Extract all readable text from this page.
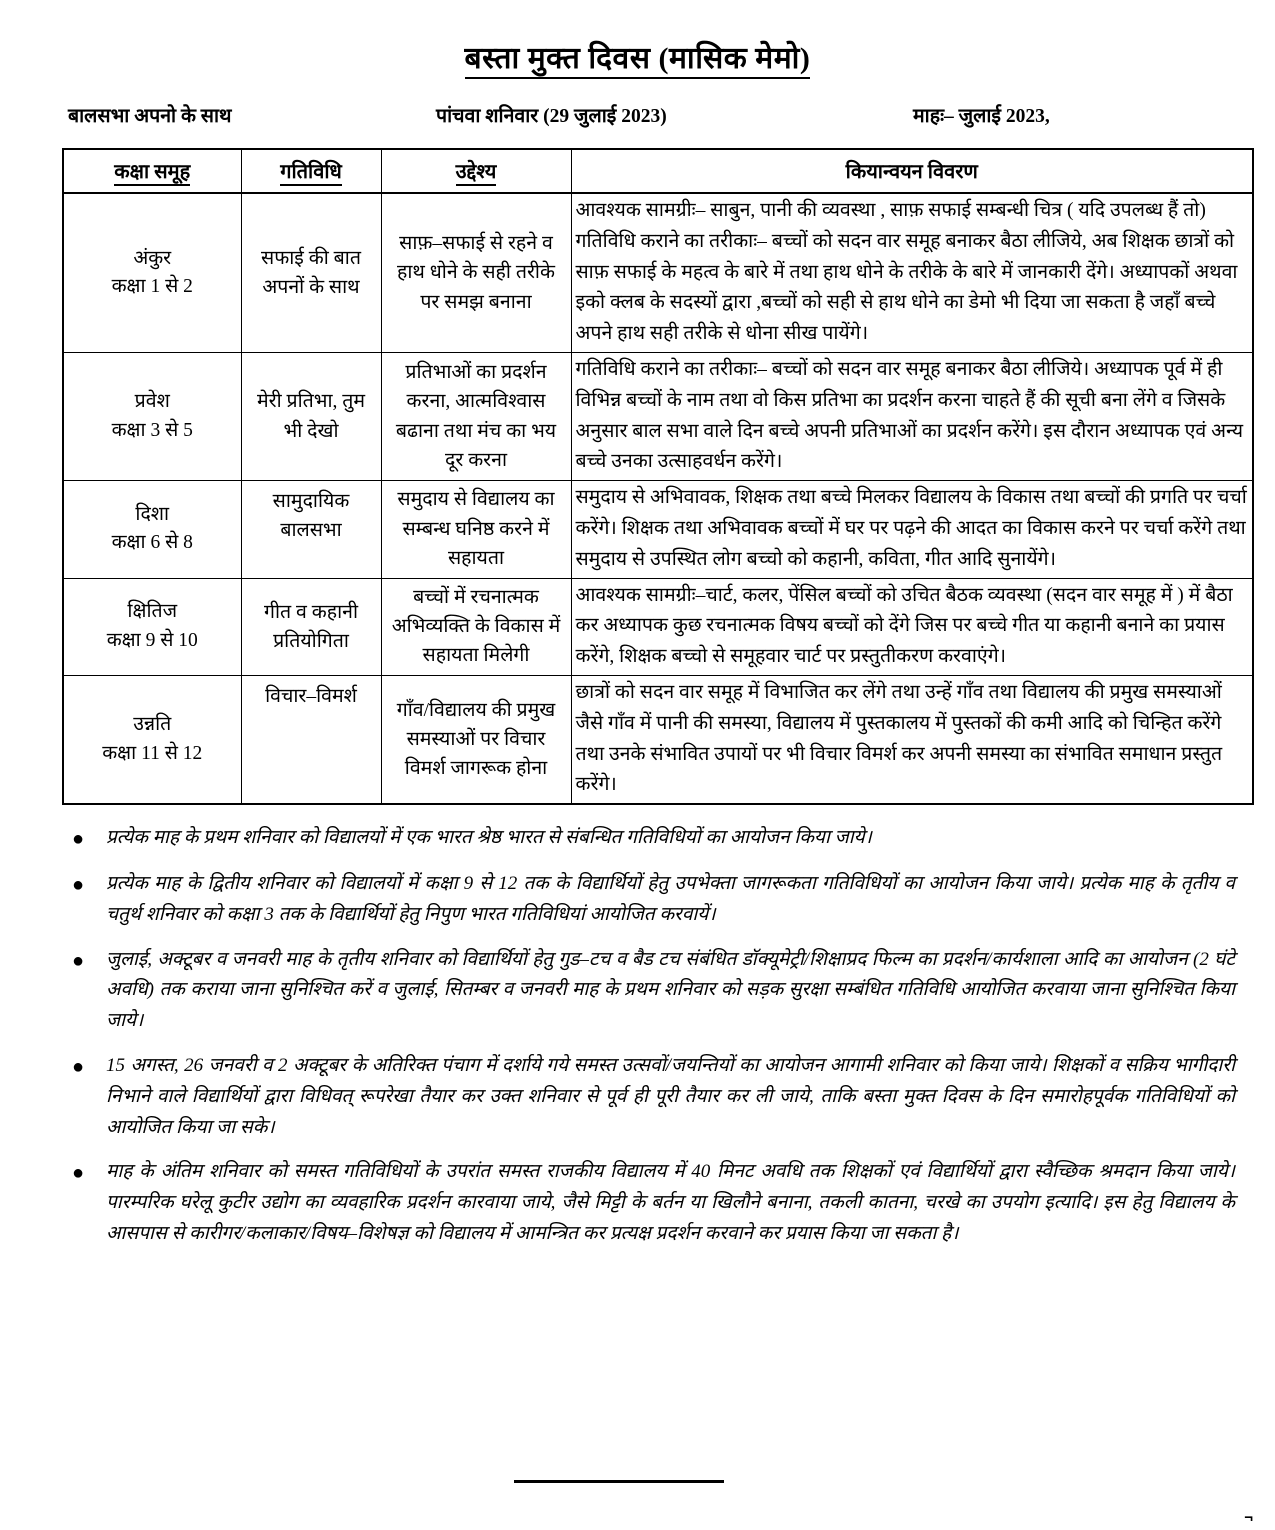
बस्ता मुक्त दिवस (मासिक मेमो)
बालसभा अपनो के साथ	पांचवा शनिवार (29 जुलाई 2023)	माहः– जुलाई 2023,
कक्षा समूह	गतिविधि	उद्देश्य	कियान्वयन विवरण

अंकुर
कक्षा 1 से 2	सफाई की बात अपनों के साथ	साफ़–सफाई से रहने व हाथ धोने के सही तरीके पर समझ बनाना	आवश्यक सामग्रीः– साबुन, पानी की व्यवस्था , साफ़ सफाई सम्बन्धी चित्र ( यदि उपलब्ध हैं तो) गतिविधि कराने का तरीकाः– बच्चों को सदन वार समूह बनाकर बैठा लीजिये, अब शिक्षक छात्रों को साफ़ सफाई के महत्व के बारे में तथा हाथ धोने के तरीके के बारे में जानकारी देंगे। अध्यापकों अथवा इको क्लब के सदस्यों द्वारा ,बच्चों को सही से हाथ धोने का डेमो भी दिया जा सकता है जहाँ बच्चे अपने हाथ सही तरीके से धोना सीख पायेंगे।

प्रवेश
कक्षा 3 से 5	मेरी प्रतिभा, तुम भी देखो	प्रतिभाओं का प्रदर्शन करना, आत्मविश्वास बढाना तथा मंच का भय दूर करना	गतिविधि कराने का तरीकाः– बच्चों को सदन वार समूह बनाकर बैठा लीजिये। अध्यापक पूर्व में ही विभिन्न बच्चों के नाम तथा वो किस प्रतिभा का प्रदर्शन करना चाहते हैं की सूची बना लेंगे व जिसके अनुसार बाल सभा वाले दिन बच्चे अपनी प्रतिभाओं का प्रदर्शन करेंगे। इस दौरान अध्यापक एवं अन्य बच्चे उनका उत्साहवर्धन करेंगे।

दिशा
कक्षा 6 से 8	सामुदायिक बालसभा	समुदाय से विद्यालय का सम्बन्ध घनिष्ठ करने में सहायता	समुदाय से अभिवावक, शिक्षक तथा बच्चे मिलकर विद्यालय के विकास तथा बच्चों की प्रगति पर चर्चा करेंगे। शिक्षक तथा अभिवावक बच्चों में घर पर पढ़ने की आदत का विकास करने पर चर्चा करेंगे तथा समुदाय से उपस्थित लोग बच्चो को कहानी, कविता, गीत आदि सुनायेंगे।

क्षितिज
कक्षा 9 से 10	गीत व कहानी प्रतियोगिता	बच्चों में रचनात्मक अभिव्यक्ति के विकास में सहायता मिलेगी	आवश्यक सामग्रीः–चार्ट, कलर, पेंसिल बच्चों को उचित बैठक व्यवस्था (सदन वार समूह में ) में बैठा कर अध्यापक कुछ रचनात्मक विषय बच्चों को देंगे जिस पर बच्चे गीत या कहानी बनाने का प्रयास करेंगे, शिक्षक बच्चो से समूहवार चार्ट पर प्रस्तुतीकरण करवाएंगे।

उन्नति
कक्षा 11 से 12	विचार–विमर्श	गाँव/विद्यालय की प्रमुख समस्याओं पर विचार विमर्श जागरूक होना	छात्रों को सदन वार समूह में विभाजित कर लेंगे तथा उन्हें गाँव तथा विद्यालय की प्रमुख समस्याओं जैसे गाँव में पानी की समस्या, विद्यालय में पुस्तकालय में पुस्तकों की कमी आदि को चिन्हित करेंगे तथा उनके संभावित उपायों पर भी विचार विमर्श कर अपनी समस्या का संभावित समाधान प्रस्तुत करेंगे।
●	प्रत्येक माह के प्रथम शनिवार को विद्यालयों में एक भारत श्रेष्ठ भारत से संबन्धित गतिविधियों का आयोजन किया जाये।
●	प्रत्येक माह के द्वितीय शनिवार को विद्यालयों में कक्षा 9 से 12 तक के विद्यार्थियों हेतु उपभेक्ता जागरूकता गतिविधियों का आयोजन किया जाये। प्रत्येक माह के तृतीय व चतुर्थ शनिवार को कक्षा 3 तक के विद्यार्थियों हेतु निपुण भारत गतिविधियां आयोजित करवायें।
●	जुलाई, अक्टूबर व जनवरी माह के तृतीय शनिवार को विद्यार्थियों हेतु गुड–टच व बैड टच संबंधित डॉक्यूमेट्री/शिक्षाप्रद फिल्म का प्रदर्शन/कार्यशाला आदि का आयोजन (2 घंटे अवधि) तक कराया जाना सुनिश्चित करें व जुलाई, सितम्बर व जनवरी माह के प्रथम शनिवार को सड़क सुरक्षा सम्बंधित गतिविधि आयोजित करवाया जाना सुनिश्चित किया जाये।
●	15 अगस्त, 26 जनवरी व 2 अक्टूबर के अतिरिक्त पंचाग में दर्शाये गये समस्त उत्सवों/जयन्तियों का आयोजन आगामी शनिवार को किया जाये। शिक्षकों व सक्रिय भागीदारी निभाने वाले विद्यार्थियों द्वारा विधिवत् रूपरेखा तैयार कर उक्त शनिवार से पूर्व ही पूरी तैयार कर ली जाये, ताकि बस्ता मुक्त दिवस के दिन समारोहपूर्वक गतिविधियों को आयोजित किया जा सके।
●	माह के अंतिम शनिवार को समस्त गतिविधियों के उपरांत समस्त राजकीय विद्यालय में 40 मिनट अवधि तक शिक्षकों एवं विद्यार्थियों द्वारा स्वैच्छिक श्रमदान किया जाये। पारम्परिक घरेलू कुटीर उद्योग का व्यवहारिक प्रदर्शन कारवाया जाये, जैसे मिट्टी के बर्तन या खिलौने बनाना, तकली कातना, चरखे का उपयोग इत्यादि। इस हेतु विद्यालय के आसपास से कारीगर/कलाकार/विषय–विशेषज्ञ को विद्यालय में आमन्त्रित कर प्रत्यक्ष प्रदर्शन करवाने कर प्रयास किया जा सकता है।
¬
